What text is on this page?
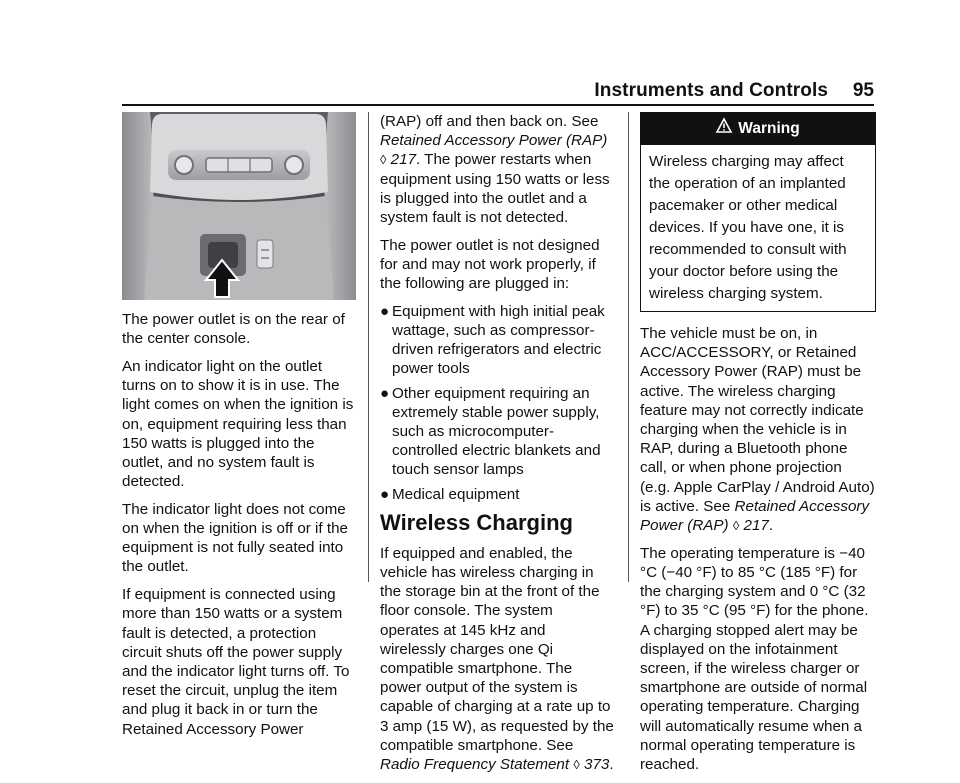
Instruments and Controls 95

The power outlet is on the rear of the center console.

An indicator light on the outlet turns on to show it is in use. The light comes on when the ignition is on, equipment requiring less than 150 watts is plugged into the outlet, and no system fault is detected.

The indicator light does not come on when the ignition is off or if the equipment is not fully seated into the outlet.

If equipment is connected using more than 150 watts or a system fault is detected, a protection circuit shuts off the power supply and the indicator light turns off. To reset the circuit, unplug the item and plug it back in or turn the Retained Accessory Power

(RAP) off and then back on. See Retained Accessory Power (RAP) ◊ 217. The power restarts when equipment using 150 watts or less is plugged into the outlet and a system fault is not detected.

The power outlet is not designed for and may not work properly, if the following are plugged in:

● Equipment with high initial peak wattage, such as compressor-driven refrigerators and electric power tools
● Other equipment requiring an extremely stable power supply, such as microcomputer-controlled electric blankets and touch sensor lamps
● Medical equipment
Wireless Charging

If equipped and enabled, the vehicle has wireless charging in the storage bin at the front of the floor console. The system operates at 145 kHz and wirelessly charges one Qi compatible smartphone. The power output of the system is capable of charging at a rate up to 3 amp (15 W), as requested by the compatible smartphone. See Radio Frequency Statement ◊ 373.

Warning
Wireless charging may affect the operation of an implanted pacemaker or other medical devices. If you have one, it is recommended to consult with your doctor before using the wireless charging system.

The vehicle must be on, in ACC/ACCESSORY, or Retained Accessory Power (RAP) must be active. The wireless charging feature may not correctly indicate charging when the vehicle is in RAP, during a Bluetooth phone call, or when phone projection (e.g. Apple CarPlay / Android Auto) is active. See Retained Accessory Power (RAP) ◊ 217.

The operating temperature is −40 °C (−40 °F) to 85 °C (185 °F) for the charging system and 0 °C (32 °F) to 35 °C (95 °F) for the phone. A charging stopped alert may be displayed on the infotainment screen, if the wireless charger or smartphone are outside of normal operating temperature. Charging will automatically resume when a normal operating temperature is reached.
